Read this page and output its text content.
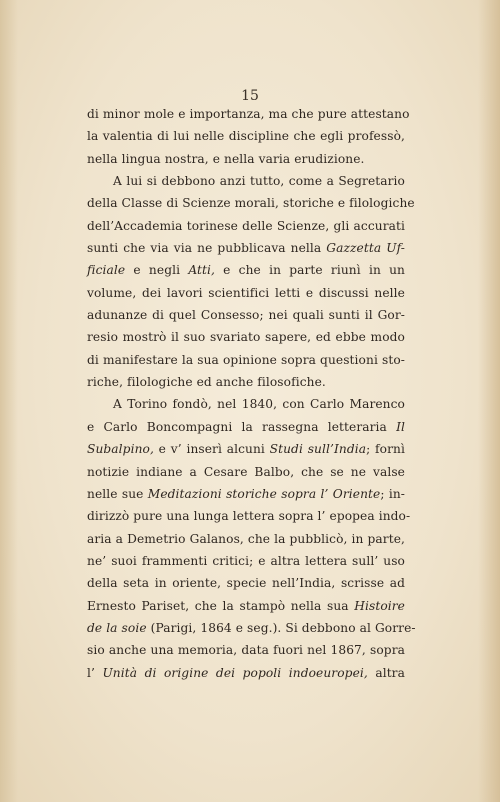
15

di minor mole e importanza, ma che pure attestano
la valentia di lui nelle discipline che egli professò,
nella lingua nostra, e nella varia erudizione.
A lui si debbono anzi tutto, come a Segretario
della Classe di Scienze morali, storiche e filologiche
dell’Accademia torinese delle Scienze, gli accurati
sunti che via via ne pubblicava nella Gazzetta Uf-
ficiale e negli Atti, e che in parte riunì in un
volume, dei lavori scientifici letti e discussi nelle
adunanze di quel Consesso; nei quali sunti il Gor-
resio mostrò il suo svariato sapere, ed ebbe modo
di manifestare la sua opinione sopra questioni sto-
riche, filologiche ed anche filosofiche.
A Torino fondò, nel 1840, con Carlo Marenco
e Carlo Boncompagni la rassegna letteraria Il
Subalpino, e v’ inserì alcuni Studi sull’India; fornì
notizie indiane a Cesare Balbo, che se ne valse
nelle sue Meditazioni storiche sopra l’ Oriente; in-
dirizzò pure una lunga lettera sopra l’ epopea indo-
aria a Demetrio Galanos, che la pubblicò, in parte,
ne’ suoi frammenti critici; e altra lettera sull’ uso
della seta in oriente, specie nell’India, scrisse ad
Ernesto Pariset, che la stampò nella sua Histoire
de la soie (Parigi, 1864 e seg.). Si debbono al Gorre-
sio anche una memoria, data fuori nel 1867, sopra
l’ Unità di origine dei popoli indoeuropei, altra
